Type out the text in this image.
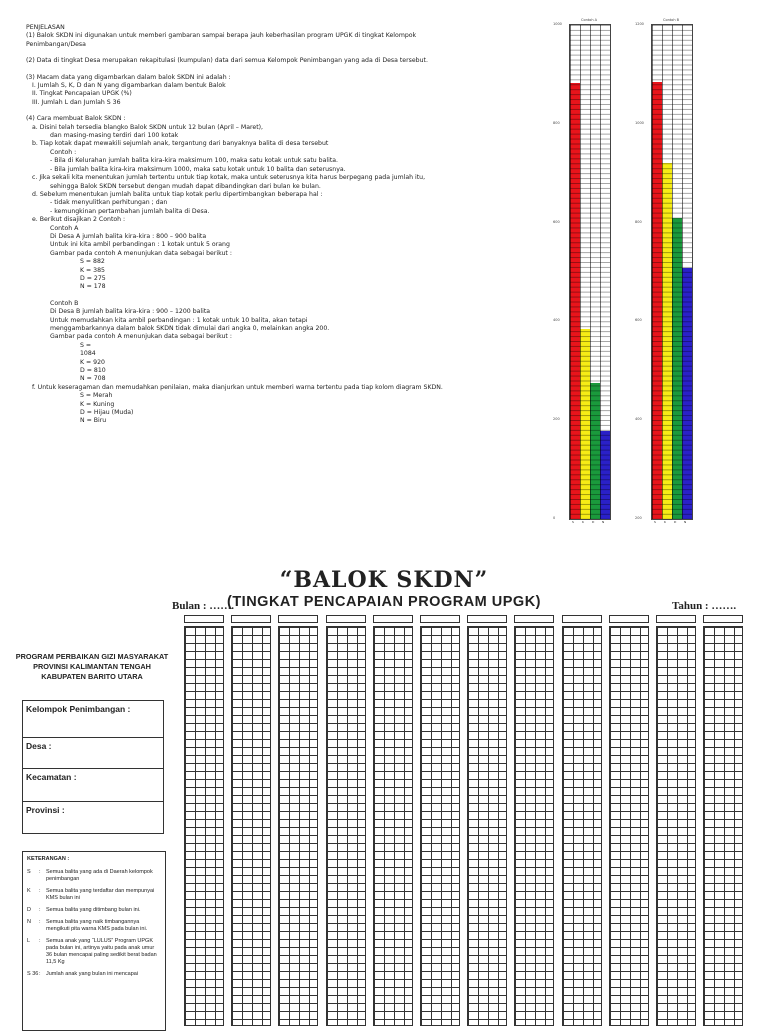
PENJELASAN
(1) Balok SKDN ini digunakan untuk memberi gambaran sampai berapa jauh keberhasilan program UPGK di tingkat Kelompok
Penimbangan/Desa
(2) Data di tingkat Desa merupakan rekapitulasi (kumpulan) data dari semua Kelompok Penimbangan yang ada di Desa tersebut.
(3) Macam data yang digambarkan dalam balok SKDN ini adalah :
I. Jumlah S, K, D dan N yang digambarkan dalam bentuk Balok
II. Tingkat Pencapaian UPGK (%)
III. Jumlah L dan Jumlah S 36
(4) Cara membuat Balok SKDN :
a. Disini telah tersedia blangko Balok SKDN untuk 12 bulan (April – Maret),
dan masing-masing terdiri dari 100 kotak
b. Tiap kotak dapat mewakili sejumlah anak, tergantung dari banyaknya balita di desa tersebut
Contoh :
- Bila di Kelurahan jumlah balita kira-kira maksimum 100, maka satu kotak untuk satu balita.
- Bila jumlah balita kira-kira maksimum 1000, maka satu kotak untuk 10 balita dan seterusnya.
c. Jika sekali kita menentukan jumlah tertentu untuk tiap kotak, maka untuk seterusnya kita harus berpegang pada jumlah itu,
sehingga Balok SKDN tersebut dengan mudah dapat dibandingkan dari bulan ke bulan.
d. Sebelum menentukan jumlah balita untuk tiap kotak perlu dipertimbangkan beberapa hal :
- tidak menyulitkan perhitungan ; dan
- kemungkinan pertambahan jumlah balita di Desa.
e. Berikut disajikan 2 Contoh :
Contoh A
Di Desa A jumlah balita kira-kira : 800 – 900 balita
Untuk ini kita ambil perbandingan : 1 kotak untuk 5 orang
Gambar pada contoh A menunjukan data sebagai berikut :
S = 882
K = 385
D = 275
N = 178
Contoh B
Di Desa B jumlah balita kira-kira : 900 – 1200 balita
Untuk memudahkan kita ambil perbandingan : 1 kotak untuk 10 balita, akan tetapi
menggambarkannya dalam balok SKDN tidak dimulai dari angka 0, melainkan angka 200.
Gambar pada contoh A menunjukan data sebagai berikut :
S =
1084
K = 920
D = 810
N = 708
f. Untuk keseragaman dan memudahkan penilaian, maka dianjurkan untuk memberi warna tertentu pada tiap kolom diagram SKDN.
S = Merah
K = Kuning
D = Hijau (Muda)
N = Biru
S	K	D	N
Contoh A
0
200
400
600
800
1000
S	K	D	N
Contoh B
200
400
600
800
1000
1200
“BALOK SKDN”
Bulan : …….
(TINGKAT PENCAPAIAN PROGRAM UPGK)	Tahun : …….
PROGRAM PERBAIKAN GIZI MASYARAKAT
PROVINSI KALIMANTAN TENGAH
KABUPATEN BARITO UTARA
Kelompok Penimbangan :
Desa :
Kecamatan :
Provinsi :
KETERANGAN :
S	: Semua balita yang ada di Daerah kelompok penimbangan
K	: Semua balita yang terdaftar dan mempunyai KMS bulan ini
D	: Semua balita yang ditimbang bulan ini.
N	: Semua balita yang naik timbangannya mengikuti pita warna KMS pada bulan ini.
L	: Semua anak yang “LULUS” Program UPGK pada bulan ini, artinya yaitu pada anak umur 36 bulan mencapai paling sedikit berat badan 11,5 Kg
S 36 : Jumlah anak yang bulan ini mencapai
